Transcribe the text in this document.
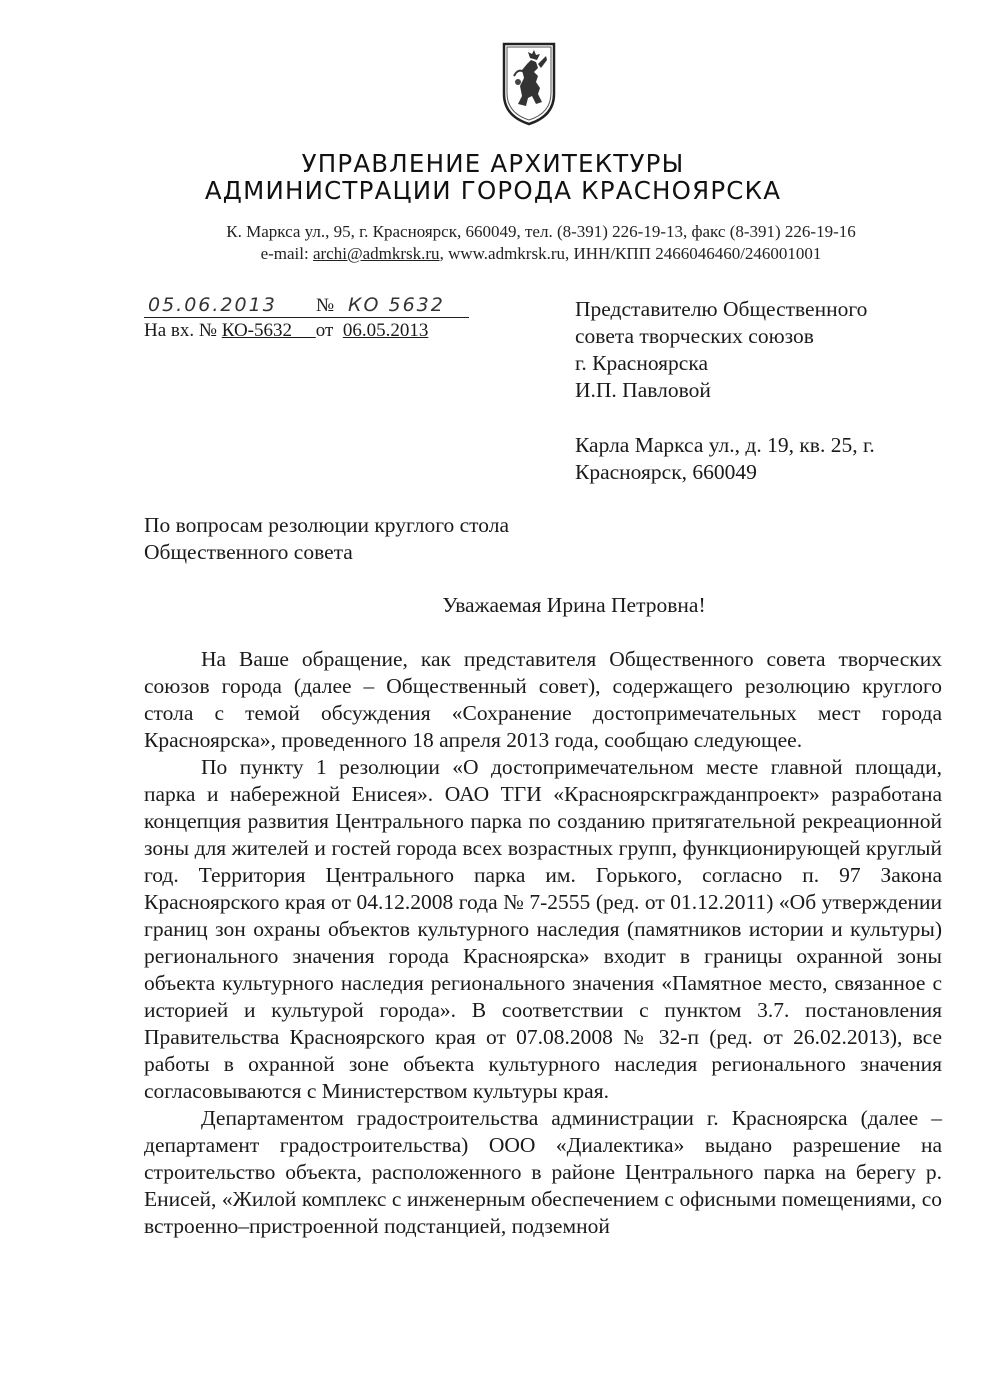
УПРАВЛЕНИЕ АРХИТЕКТУРЫ
АДМИНИСТРАЦИИ ГОРОДА КРАСНОЯРСКА
К. Маркса ул., 95, г. Красноярск, 660049, тел. (8-391) 226-19-13, факс (8-391) 226-19-16
e-mail: archi@admkrsk.ru, www.admkrsk.ru, ИНН/КПП 2466046460/246001001
05.06.2013 № КО 5632
На вх. № КО-5632 от 06.05.2013
Представителю Общественного
совета творческих союзов
г. Красноярска
И.П. Павловой
Карла Маркса ул., д. 19, кв. 25, г.
Красноярск, 660049
По вопросам резолюции круглого стола
Общественного совета
Уважаемая Ирина Петровна!

На Ваше обращение, как представителя Общественного совета творческих союзов города (далее – Общественный совет), содержащего резолюцию круглого стола с темой обсуждения «Сохранение достопримечательных мест города Красноярска», проведенного 18 апреля 2013 года, сообщаю следующее.

По пункту 1 резолюции «О достопримечательном месте главной площади, парка и набережной Енисея». ОАО ТГИ «Красноярскгражданпроект» разработана концепция развития Центрального парка по созданию притягательной рекреационной зоны для жителей и гостей города всех возрастных групп, функционирующей круглый год. Территория Центрального парка им. Горького, согласно п. 97 Закона Красноярского края от 04.12.2008 года № 7-2555 (ред. от 01.12.2011) «Об утверждении границ зон охраны объектов культурного наследия (памятников истории и культуры) регионального значения города Красноярска» входит в границы охранной зоны объекта культурного наследия регионального значения «Памятное место, связанное с историей и культурой города». В соответствии с пунктом 3.7. постановления Правительства Красноярского края от 07.08.2008 № 32-п (ред. от 26.02.2013), все работы в охранной зоне объекта культурного наследия регионального значения согласовываются с Министерством культуры края.

Департаментом градостроительства администрации г. Красноярска (далее – департамент градостроительства) ООО «Диалектика» выдано разрешение на строительство объекта, расположенного в районе Центрального парка на берегу р. Енисей, «Жилой комплекс с инженерным обеспечением с офисными помещениями, со встроенно–пристроенной подстанцией, подземной
